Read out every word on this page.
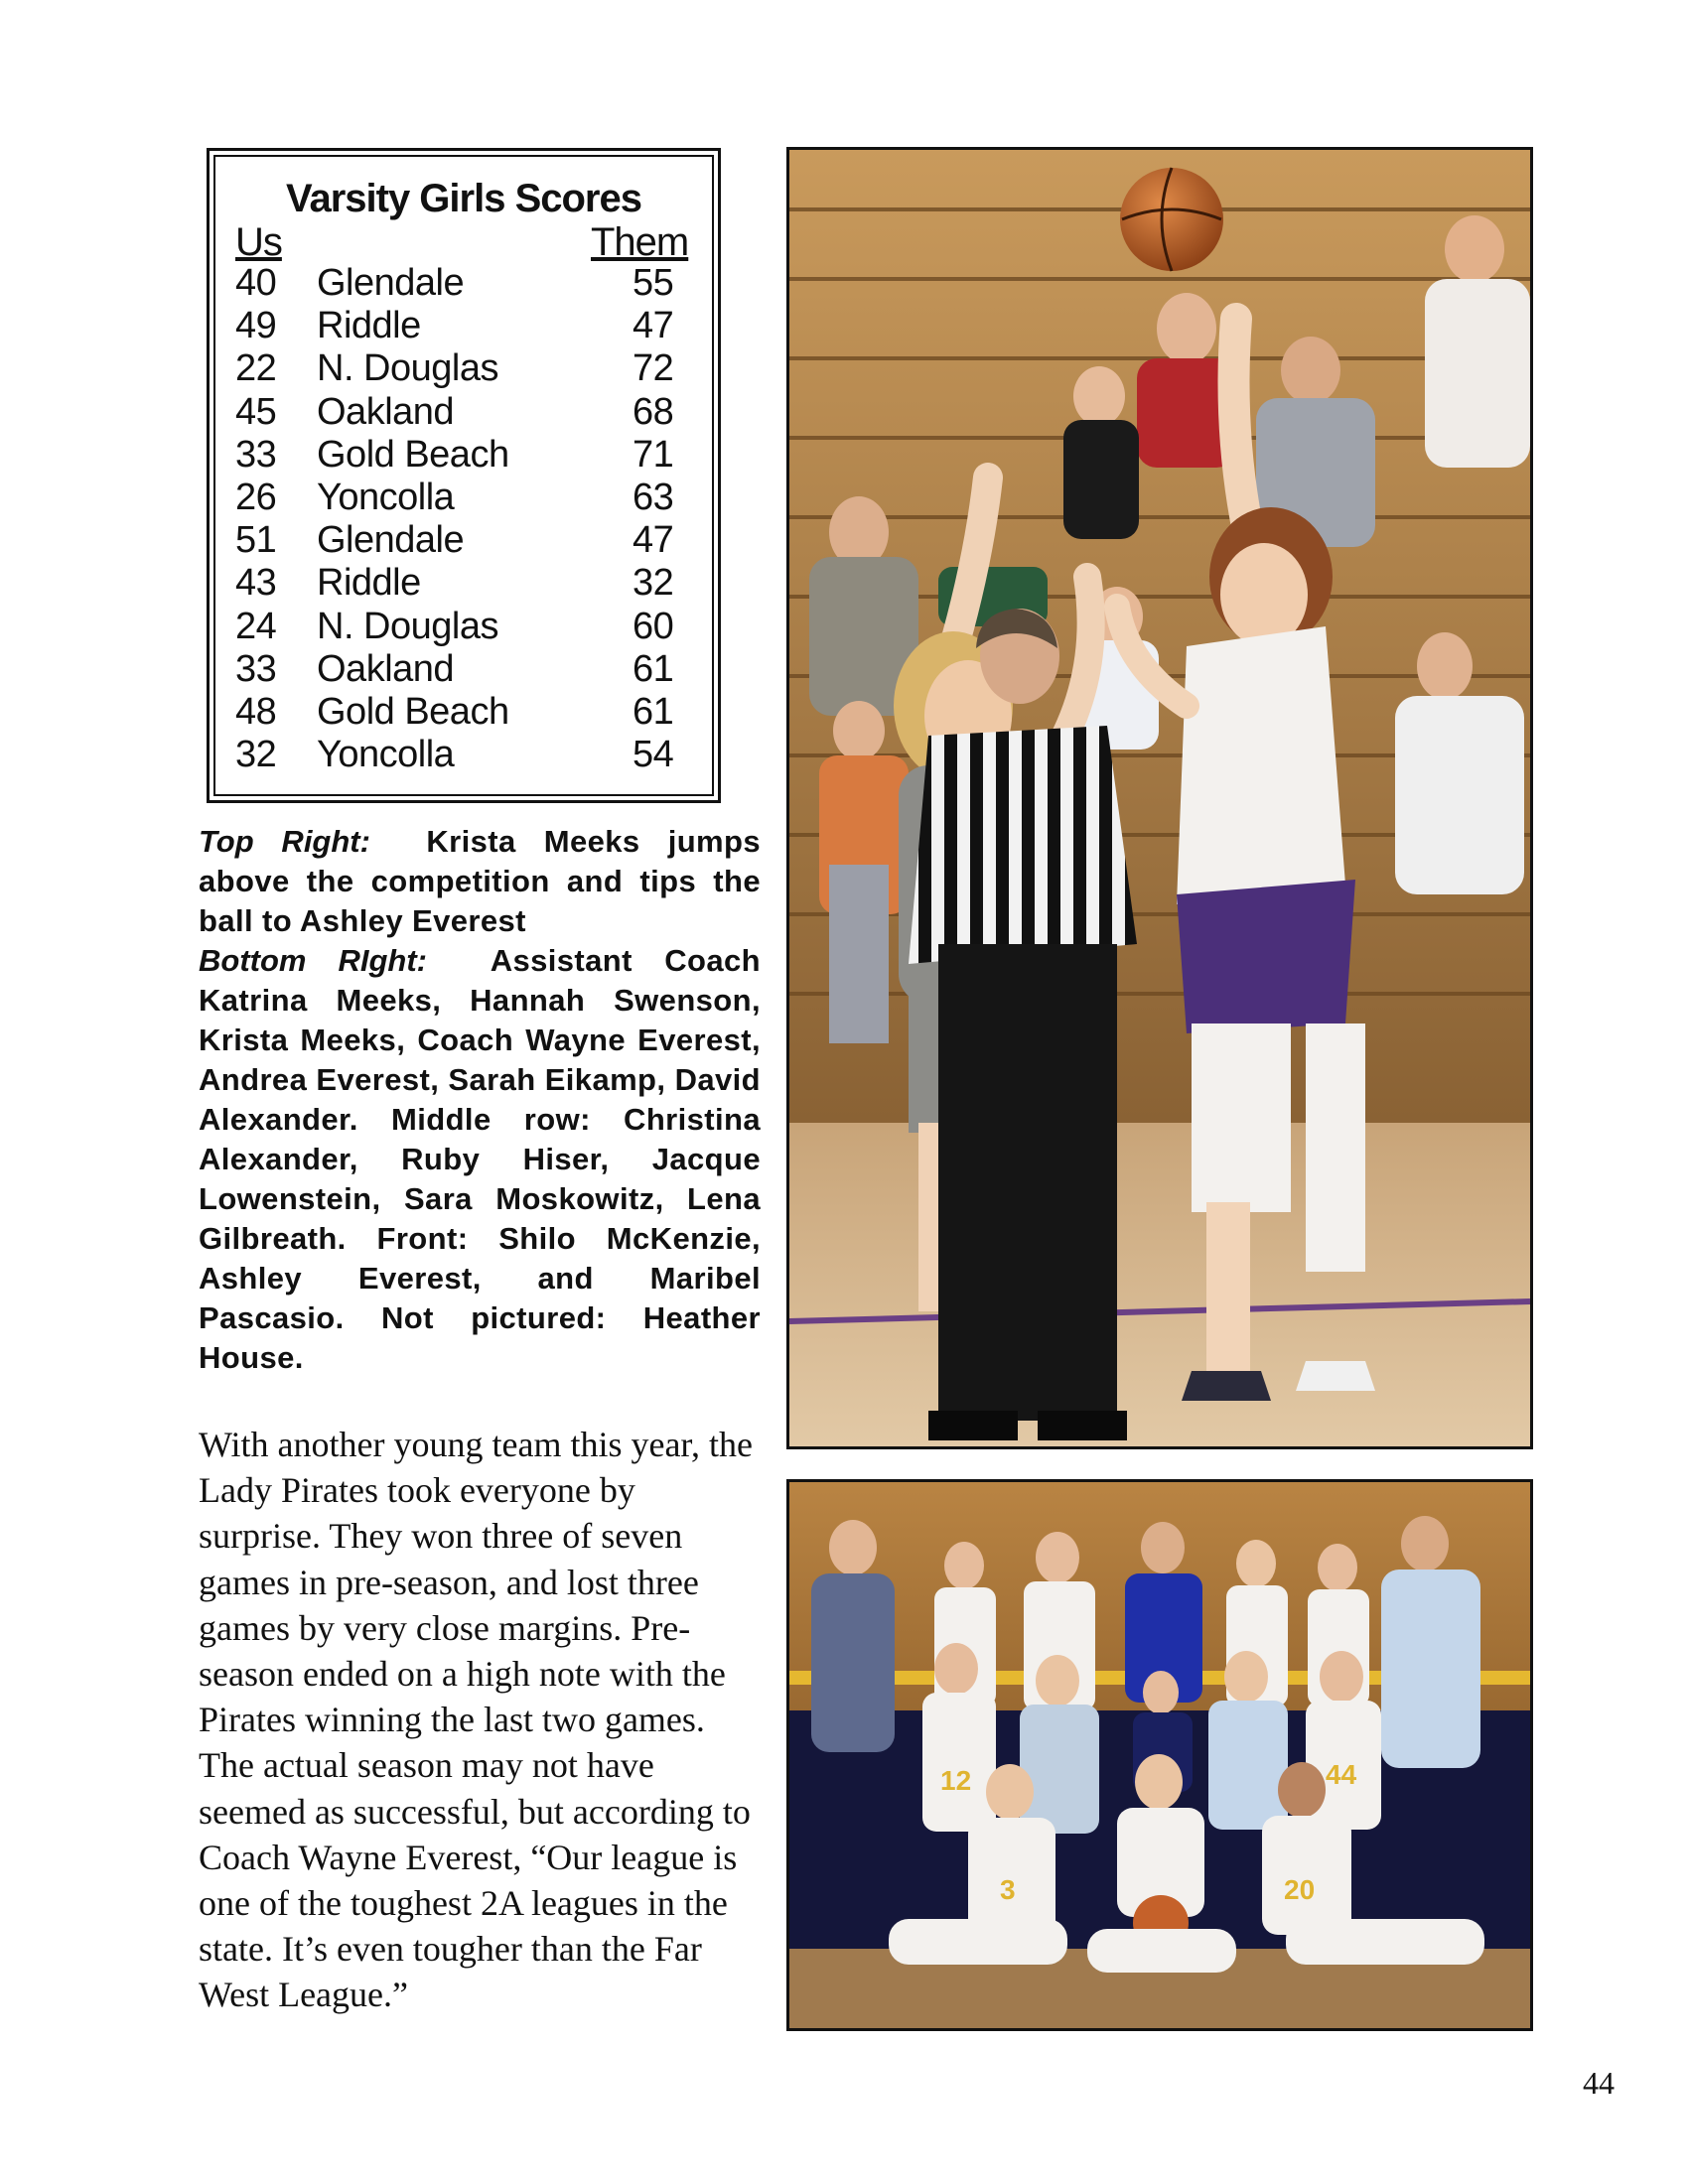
Varsity Girls Scores
Us	Them
40 Glendale	55
49 Riddle	47
22 N. Douglas	72
45 Oakland	68
33 Gold Beach	71
26 Yoncolla	63
51 Glendale	47
43 Riddle	32
24 N. Douglas	60
33 Oakland	61
48 Gold Beach	61
32 Yoncolla	54
Top Right: Krista Meeks jumps above the competition and tips the ball to Ashley Everest
Bottom RIght: Assistant Coach Katrina Meeks, Hannah Swenson, Krista Meeks, Coach Wayne Everest, Andrea Everest, Sarah Eikamp, David Alexander. Middle row: Christina Alexander, Ruby Hiser, Jacque Lowenstein, Sara Moskowitz, Lena Gilbreath. Front: Shilo McKenzie, Ashley Everest, and Maribel Pascasio. Not pictured: Heather House.

With another young team this year, the Lady Pirates took everyone by surprise. They won three of seven games in pre-season, and lost three games by very close margins. Pre-season ended on a high note with the Pirates winning the last two games. The actual season may not have seemed as successful, but according to Coach Wayne Everest, “Our league is one of the toughest 2A leagues in the state. It’s even tougher than the Far West League.”

12	44
3	20
44
